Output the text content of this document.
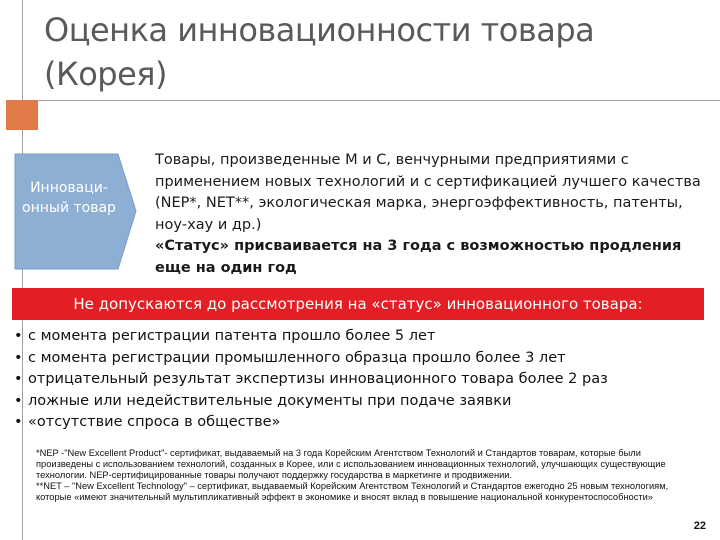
Оценка инновационности товара (Корея)
Инноваци-онный товар
Товары, произведенные М и С, венчурными предприятиями с применением новых технологий и с сертификацией лучшего качества (NEP*, NET**, экологическая марка, энергоэффективность, патенты, ноу-хау и др.)
«Статус» присваивается на 3 года с возможностью продления еще на один год
Не допускаются до рассмотрения на «статус» инновационного товара:
• с момента регистрации патента прошло более 5 лет
• с момента регистрации промышленного образца прошло более 3 лет
• отрицательный результат экспертизы инновационного товара более 2 раз
• ложные или недействительные документы при подаче заявки
• «отсутствие спроса в обществе»

*NEP -"New Excellent Product"- сертификат, выдаваемый на 3 года Корейским Агентством Технологий и Стандартов товарам, которые были произведены с использованием технологий, созданных в Корее, или с использованием инновационных технологий, улучшающих существующие технологии. NEP-сертифицированные товары получают поддержку государства в маркетинге и продвижении.

**NET – "New Excellent Technology" – сертификат, выдаваемый Корейским Агентством Технологий и Стандартов ежегодно 25 новым технологиям, которые «имеют значительный мультипликативный эффект в экономике и вносят вклад в повышение национальной конкурентоспособности»

22
